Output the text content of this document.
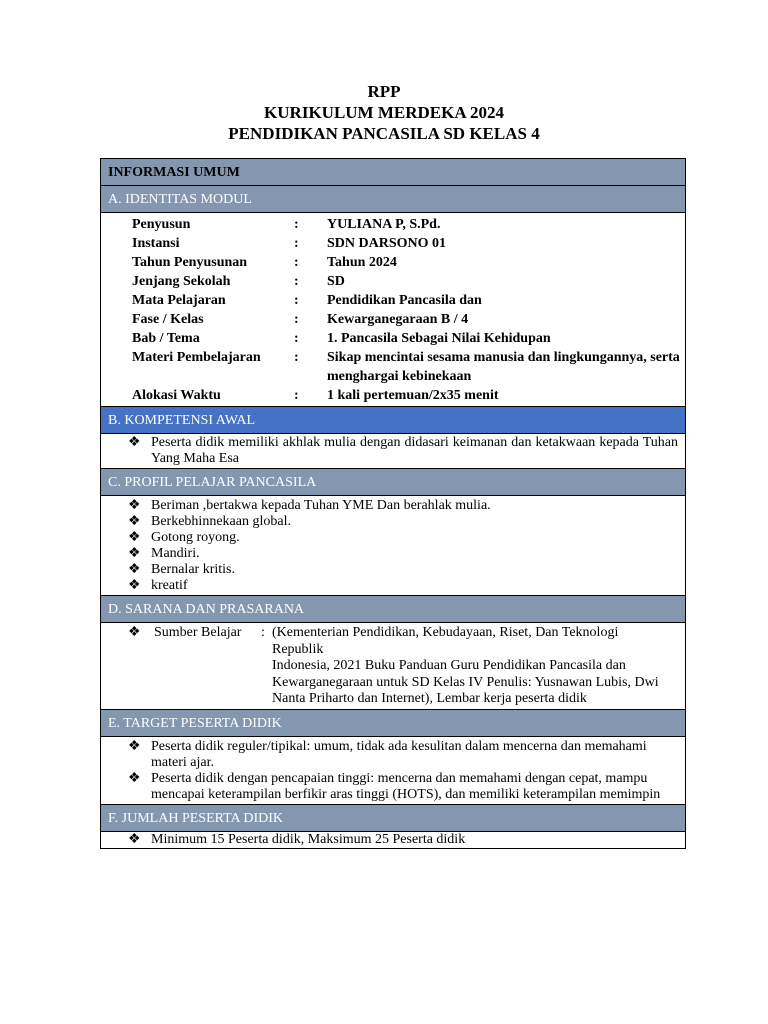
RPP
KURIKULUM MERDEKA 2024
PENDIDIKAN PANCASILA SD KELAS 4
INFORMASI UMUM
A. IDENTITAS MODUL
Penyusun	:	YULIANA P, S.Pd.
Instansi	:	SDN DARSONO 01
Tahun Penyusunan	:	Tahun 2024
Jenjang Sekolah	:	SD
Mata Pelajaran	:	Pendidikan Pancasila dan
Fase / Kelas	:	Kewarganegaraan B / 4
Bab / Tema	:	1. Pancasila Sebagai Nilai Kehidupan
Materi Pembelajaran	:	Sikap mencintai sesama manusia dan lingkungannya, serta menghargai kebinekaan
Alokasi Waktu	:	1 kali pertemuan/2x35 menit
B. KOMPETENSI AWAL
❖ Peserta didik memiliki akhlak mulia dengan didasari keimanan dan ketakwaan kepada Tuhan Yang Maha Esa
C. PROFIL PELAJAR PANCASILA
❖ Beriman ,bertakwa kepada Tuhan YME Dan berahlak mulia.
❖ Berkebhinnekaan global.
❖ Gotong royong.
❖ Mandiri.
❖ Bernalar kritis.
❖ kreatif
D. SARANA DAN PRASARANA
❖ Sumber Belajar	: (Kementerian Pendidikan, Kebudayaan, Riset, Dan Teknologi Republik
Indonesia, 2021 Buku Panduan Guru Pendidikan Pancasila dan
Kewarganegaraan untuk SD Kelas IV Penulis: Yusnawan Lubis, Dwi
Nanta Priharto dan Internet), Lembar kerja peserta didik
E. TARGET PESERTA DIDIK
❖ Peserta didik reguler/tipikal: umum, tidak ada kesulitan dalam mencerna dan memahami materi ajar.
❖ Peserta didik dengan pencapaian tinggi: mencerna dan memahami dengan cepat, mampu mencapai keterampilan berfikir aras tinggi (HOTS), dan memiliki keterampilan memimpin
F. JUMLAH PESERTA DIDIK
❖ Minimum 15 Peserta didik, Maksimum 25 Peserta didik
